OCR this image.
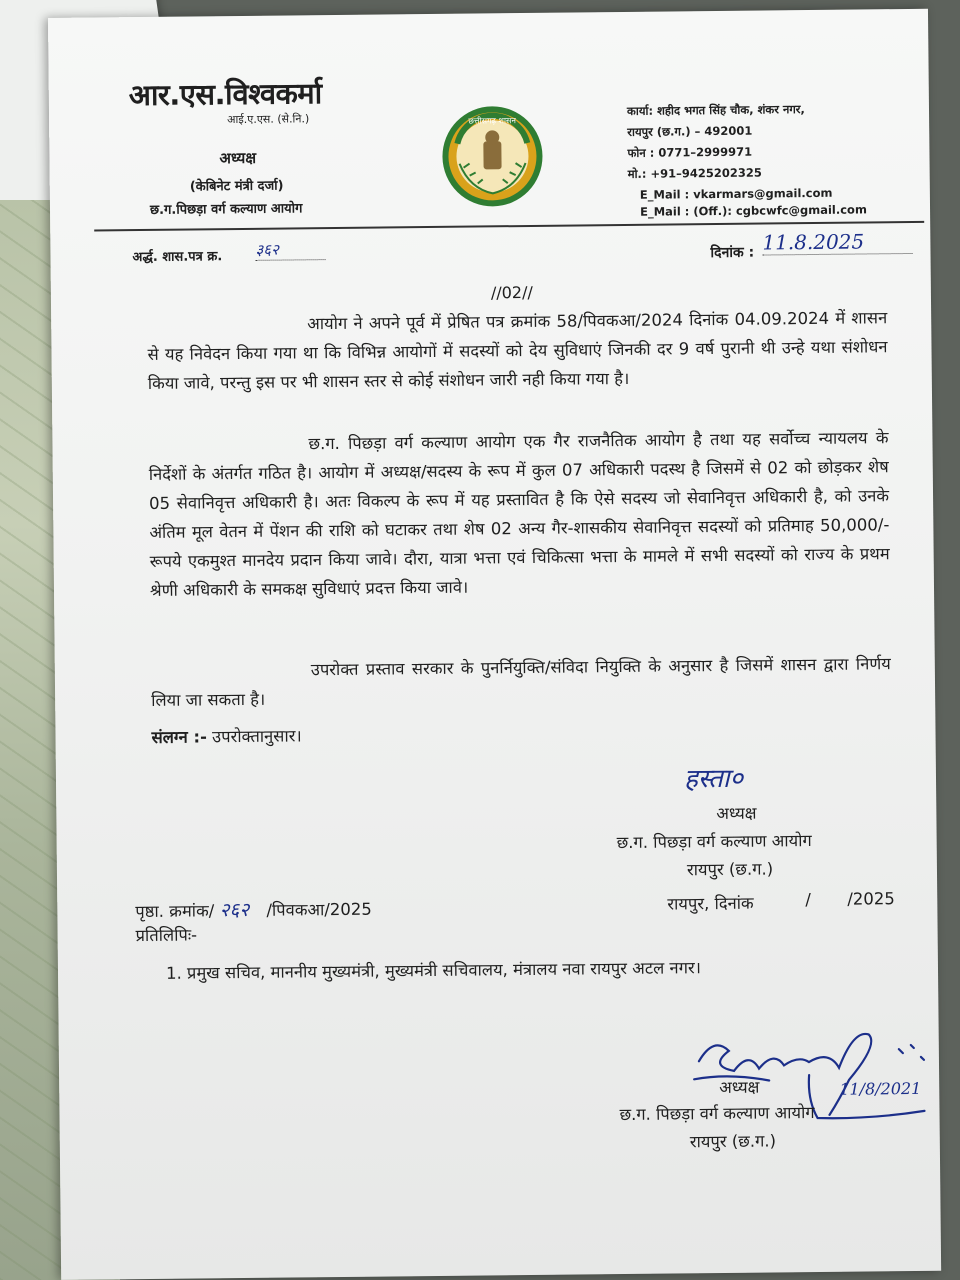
आर.एस.विश्वकर्मा
आई.ए.एस. (से.नि.)
अध्यक्ष
(केबिनेट मंत्री दर्जा)
छ.ग.पिछड़ा वर्ग कल्याण आयोग
छत्तीसगढ़ शासन
कार्या: शहीद भगत सिंह चौक, शंकर नगर,
रायपुर (छ.ग.) – 492001
फोन : 0771–2999971
मो.: +91–9425202325
E_Mail : vkarmars@gmail.com
E_Mail : (Off.): cgbcwfc@gmail.com
अर्द्ध. शास.पत्र क्र. ३६२	दिनांक : 11.8.2025
//02//
आयोग ने अपने पूर्व में प्रेषित पत्र क्रमांक 58/पिवकआ/2024 दिनांक 04.09.2024 में शासन से यह निवेदन किया गया था कि विभिन्न आयोगों में सदस्यों को देय सुविधाएं जिनकी दर 9 वर्ष पुरानी थी उन्हे यथा संशोधन किया जावे, परन्तु इस पर भी शासन स्तर से कोई संशोधन जारी नही किया गया है।
छ.ग. पिछड़ा वर्ग कल्याण आयोग एक गैर राजनैतिक आयोग है तथा यह सर्वोच्च न्यायलय के निर्देशों के अंतर्गत गठित है। आयोग में अध्यक्ष/सदस्य के रूप में कुल 07 अधिकारी पदस्थ है जिसमें से 02 को छोड़कर शेष 05 सेवानिवृत्त अधिकारी है। अतः विकल्प के रूप में यह प्रस्तावित है कि ऐसे सदस्य जो सेवानिवृत्त अधिकारी है, को उनके अंतिम मूल वेतन में पेंशन की राशि को घटाकर तथा शेष 02 अन्य गैर-शासकीय सेवानिवृत्त सदस्यों को प्रतिमाह 50,000/- रूपये एकमुश्त मानदेय प्रदान किया जावे। दौरा, यात्रा भत्ता एवं चिकित्सा भत्ता के मामले में सभी सदस्यों को राज्य के प्रथम श्रेणी अधिकारी के समकक्ष सुविधाएं प्रदत्त किया जावे।
उपरोक्त प्रस्ताव सरकार के पुनर्नियुक्ति/संविदा नियुक्ति के अनुसार है जिसमें शासन द्वारा निर्णय लिया जा सकता है।
संलग्न :- उपरोक्तानुसार।
हस्ता०
अध्यक्ष
छ.ग. पिछड़ा वर्ग कल्याण आयोग
रायपुर (छ.ग.)
पृष्ठा. क्रमांक/ २६२ /पिवकआ/2025	रायपुर, दिनांक	/ /2025
प्रतिलिपिः-
1. प्रमुख सचिव, माननीय मुख्यमंत्री, मुख्यमंत्री सचिवालय, मंत्रालय नवा रायपुर अटल नगर।
11/8/2021
अध्यक्ष
छ.ग. पिछड़ा वर्ग कल्याण आयोग
रायपुर (छ.ग.)
